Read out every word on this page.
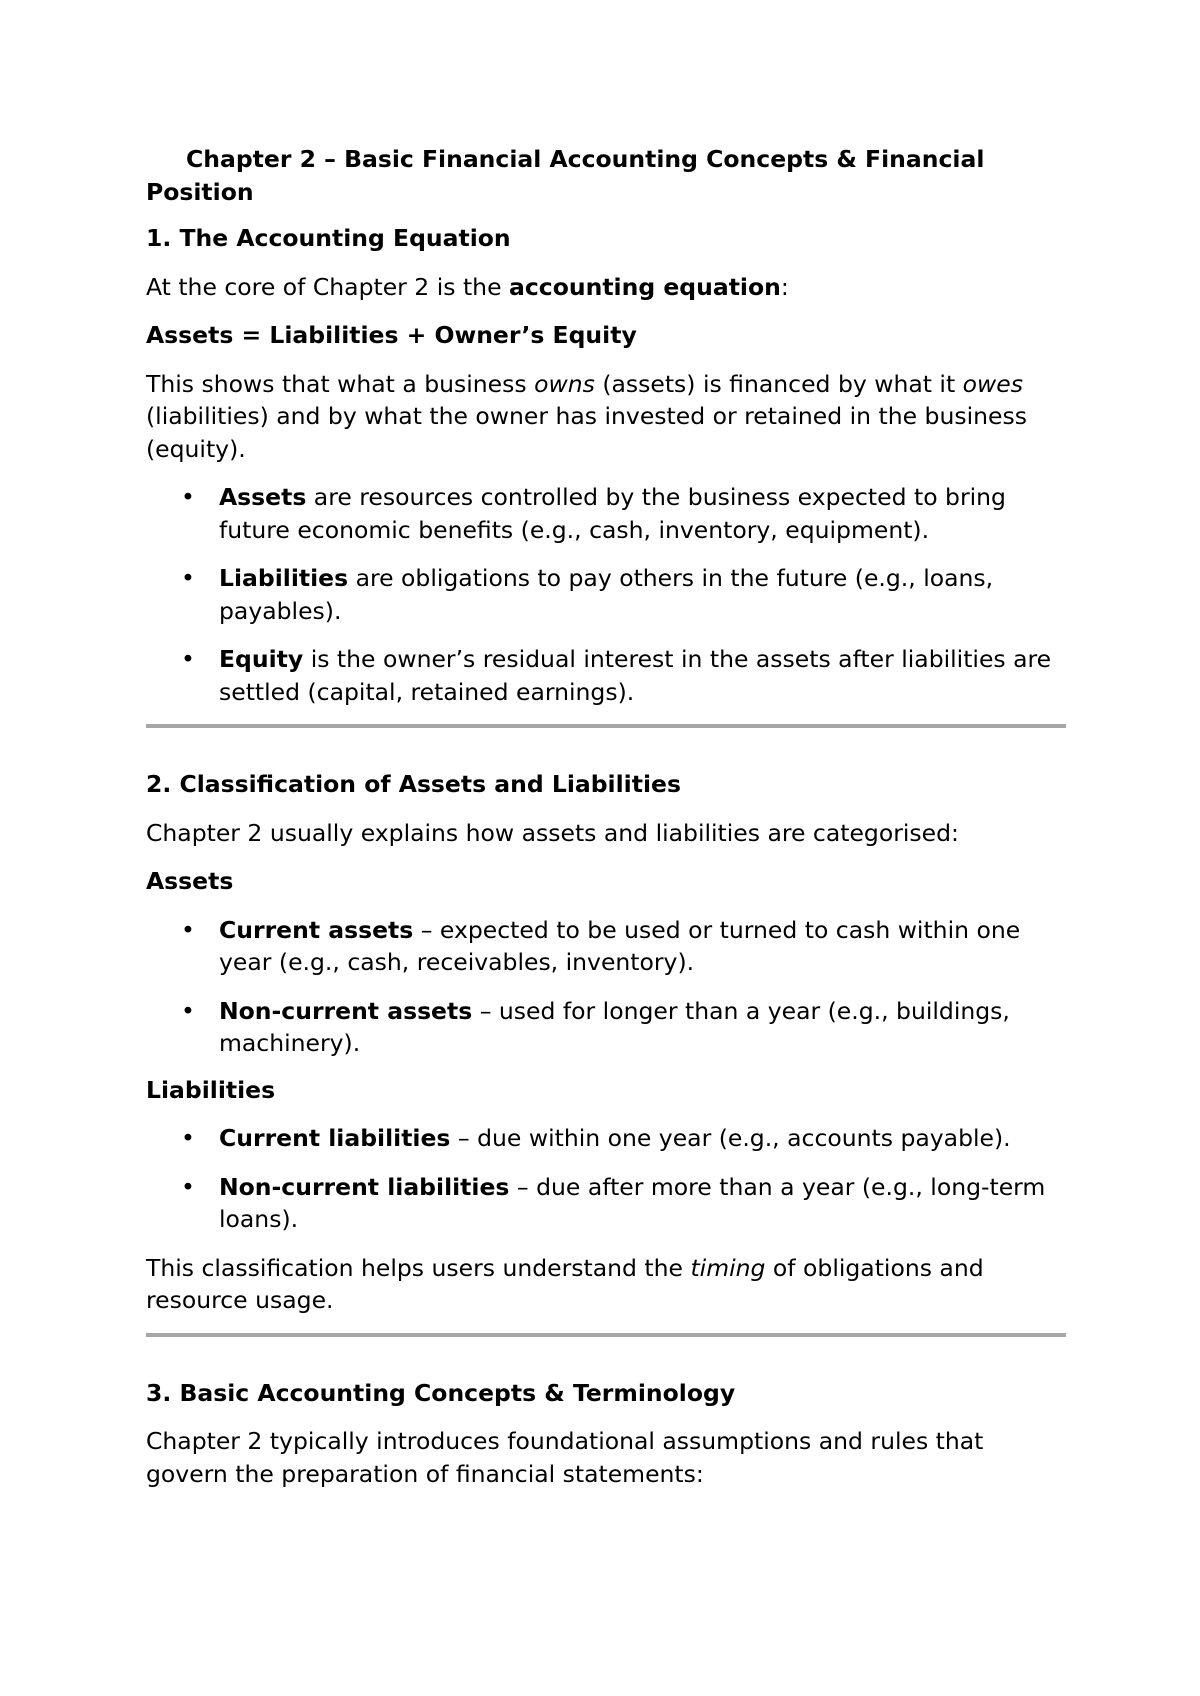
Chapter 2 – Basic Financial Accounting Concepts & Financial Position

1. The Accounting Equation

At the core of Chapter 2 is the accounting equation:

Assets = Liabilities + Owner’s Equity

This shows that what a business owns (assets) is financed by what it owes (liabilities) and by what the owner has invested or retained in the business (equity).

• Assets are resources controlled by the business expected to bring future economic benefits (e.g., cash, inventory, equipment).
• Liabilities are obligations to pay others in the future (e.g., loans, payables).
• Equity is the owner’s residual interest in the assets after liabilities are settled (capital, retained earnings).
2. Classification of Assets and Liabilities

Chapter 2 usually explains how assets and liabilities are categorised:

Assets

• Current assets – expected to be used or turned to cash within one year (e.g., cash, receivables, inventory).
• Non-current assets – used for longer than a year (e.g., buildings, machinery).

Liabilities

• Current liabilities – due within one year (e.g., accounts payable).
• Non-current liabilities – due after more than a year (e.g., long-term loans).

This classification helps users understand the timing of obligations and resource usage.

3. Basic Accounting Concepts & Terminology

Chapter 2 typically introduces foundational assumptions and rules that govern the preparation of financial statements:
